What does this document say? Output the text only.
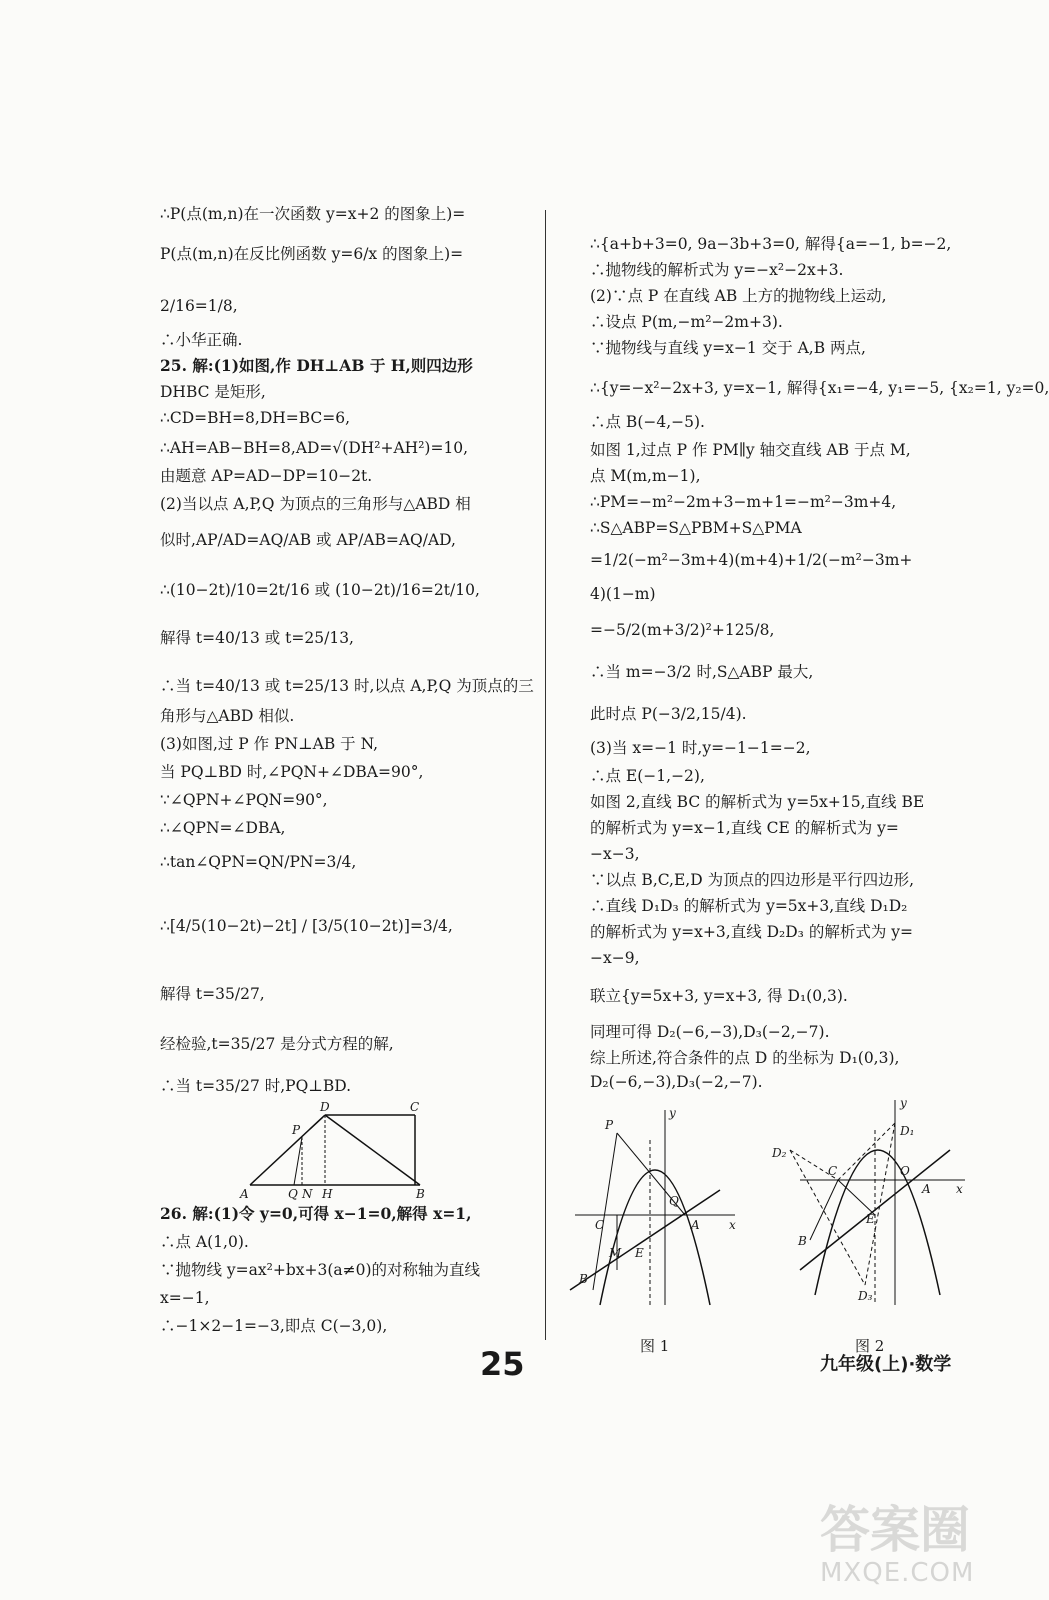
∴P(点(m,n)在一次函数 y=x+2 的图象上)=
P(点(m,n)在反比例函数 y=6/x 的图象上)=
2/16=1/8,
∴小华正确.
25. 解:(1)如图,作 DH⊥AB 于 H,则四边形
DHBC 是矩形,
∴CD=BH=8,DH=BC=6,
∴AH=AB−BH=8,AD=√(DH²+AH²)=10,
由题意 AP=AD−DP=10−2t.
(2)当以点 A,P,Q 为顶点的三角形与△ABD 相
似时,AP/AD=AQ/AB 或 AP/AB=AQ/AD,
∴(10−2t)/10=2t/16 或 (10−2t)/16=2t/10,
解得 t=40/13 或 t=25/13,
∴当 t=40/13 或 t=25/13 时,以点 A,P,Q 为顶点的三
角形与△ABD 相似.
(3)如图,过 P 作 PN⊥AB 于 N,
当 PQ⊥BD 时,∠PQN+∠DBA=90°,
∵∠QPN+∠PQN=90°,
∴∠QPN=∠DBA,
∴tan∠QPN=QN/PN=3/4,
∴[4/5(10−2t)−2t] / [3/5(10−2t)]=3/4,
解得 t=35/27,
经检验,t=35/27 是分式方程的解,
∴当 t=35/27 时,PQ⊥BD.
D	C
P
A	Q N H	B
26. 解:(1)令 y=0,可得 x−1=0,解得 x=1,
∴点 A(1,0).
∵抛物线 y=ax²+bx+3(a≠0)的对称轴为直线
x=−1,
∴−1×2−1=−3,即点 C(−3,0),
∴{a+b+3=0, 9a−3b+3=0, 解得{a=−1, b=−2,
∴抛物线的解析式为 y=−x²−2x+3.
(2)∵点 P 在直线 AB 上方的抛物线上运动,
∴设点 P(m,−m²−2m+3).
∵抛物线与直线 y=x−1 交于 A,B 两点,
∴{y=−x²−2x+3, y=x−1, 解得{x₁=−4, y₁=−5, {x₂=1, y₂=0,
∴点 B(−4,−5).
如图 1,过点 P 作 PM∥y 轴交直线 AB 于点 M,
点 M(m,m−1),
∴PM=−m²−2m+3−m+1=−m²−3m+4,
∴S△ABP=S△PBM+S△PMA
=1/2(−m²−3m+4)(m+4)+1/2(−m²−3m+
4)(1−m)
=−5/2(m+3/2)²+125/8,
∴当 m=−3/2 时,S△ABP 最大,
此时点 P(−3/2,15/4).
(3)当 x=−1 时,y=−1−1=−2,
∴点 E(−1,−2),
如图 2,直线 BC 的解析式为 y=5x+15,直线 BE
的解析式为 y=x−1,直线 CE 的解析式为 y=
−x−3,
∵以点 B,C,E,D 为顶点的四边形是平行四边形,
∴直线 D₁D₃ 的解析式为 y=5x+3,直线 D₁D₂
的解析式为 y=x+3,直线 D₂D₃ 的解析式为 y=
−x−9,
联立{y=5x+3, y=x+3, 得 D₁(0,3).
同理可得 D₂(−6,−3),D₃(−2,−7).
综上所述,符合条件的点 D 的坐标为 D₁(0,3),
D₂(−6,−3),D₃(−2,−7).
y
P
C
Q
A x
M E
B
图 1
y
D₁
C	O
A x
D₂
E
B
D₃
图 2
25	九年级(上)·数学
答案圈
MXQE.COM
